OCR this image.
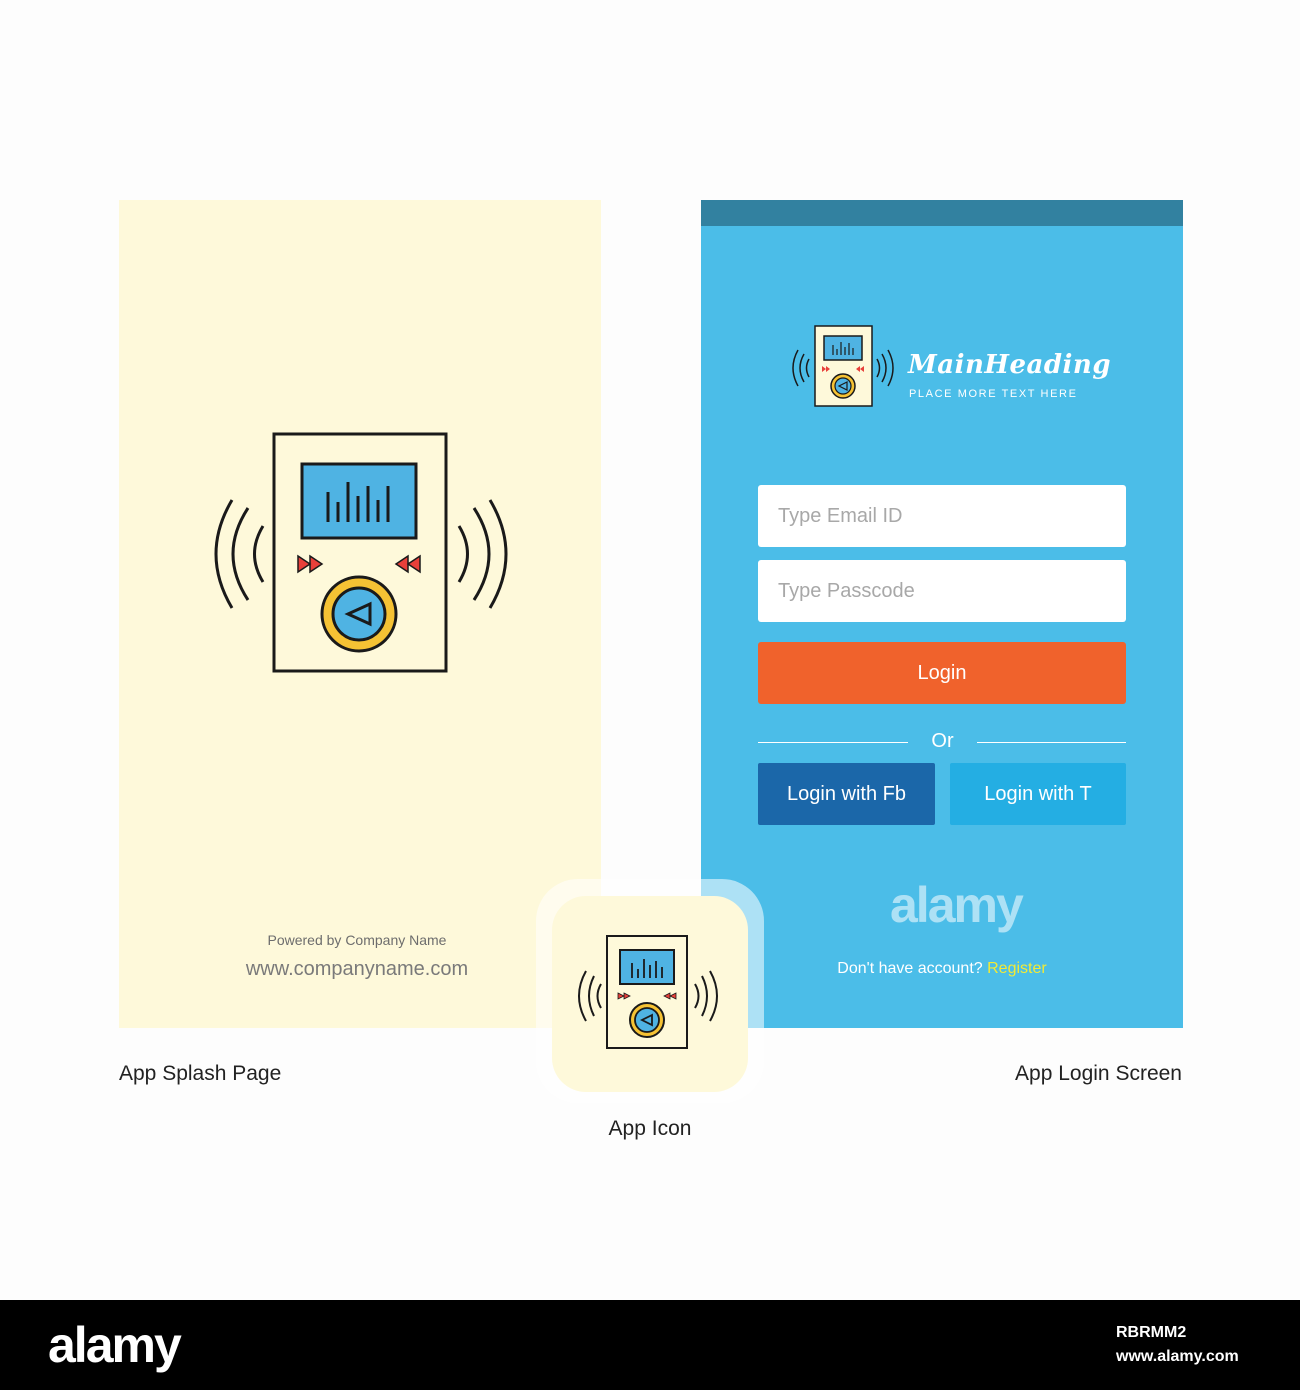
Powered by Company Name
www.companyname.com
MainHeading
PLACE MORE TEXT HERE
Type Email ID
Type Passcode
Login
Or
Login with Fb	Login with T
alamy
Don't have account? Register
App Splash Page
App Icon
App Login Screen
alamy	RBRMM2
www.alamy.com
